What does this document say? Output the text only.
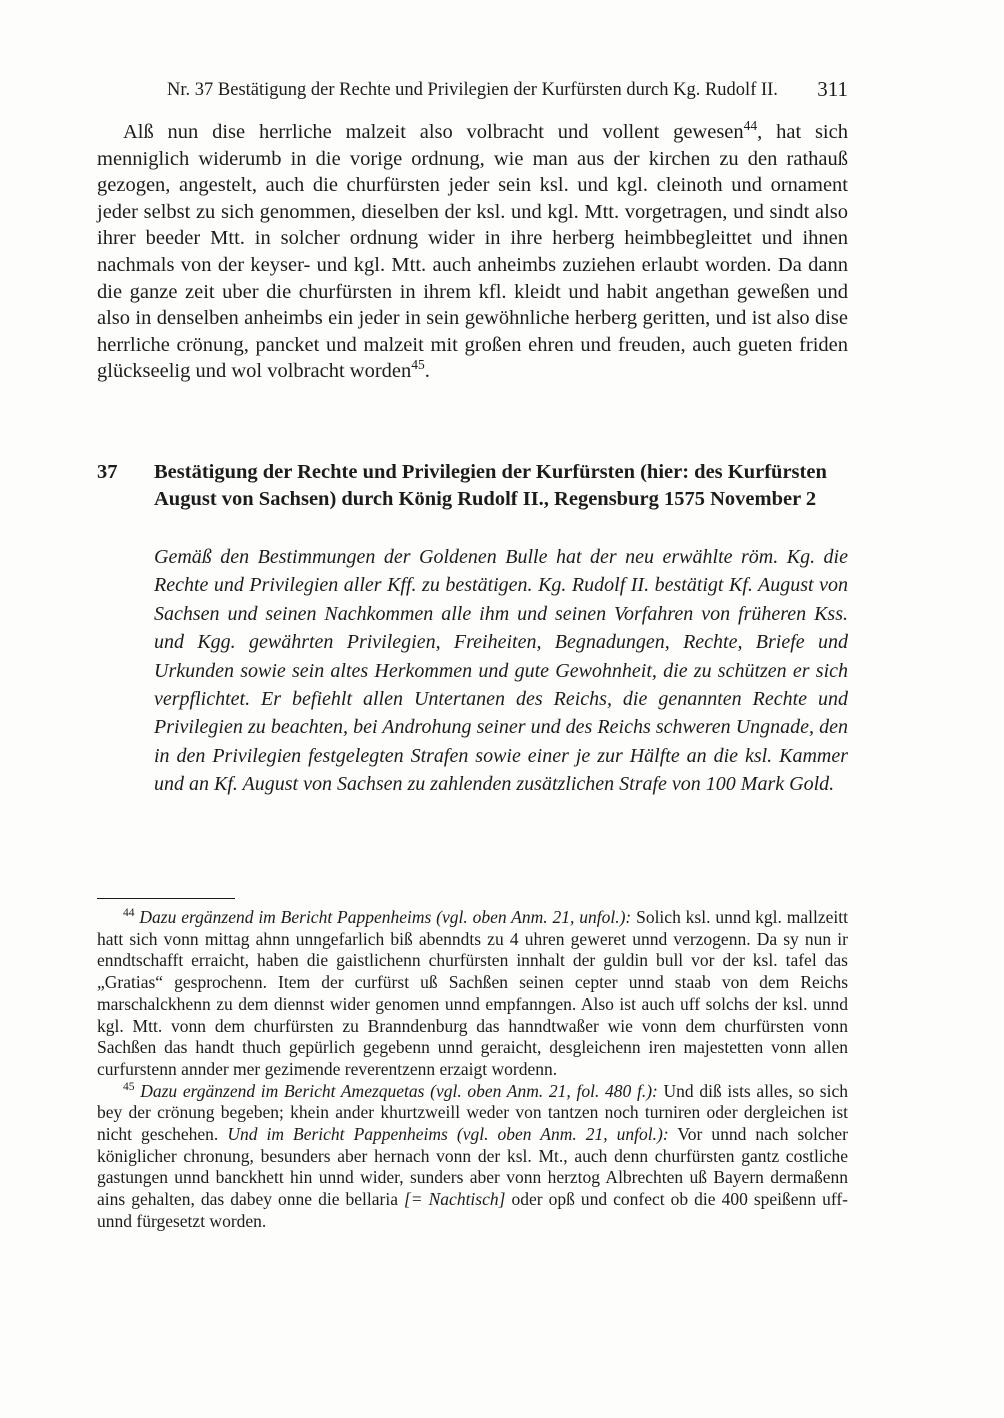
Nr. 37 Bestätigung der Rechte und Privilegien der Kurfürsten durch Kg. Rudolf II. 311

Alß nun dise herrliche malzeit also volbracht und vollent gewesen$^{44}$, hat sich menniglich widerumb in die vorige ordnung, wie man aus der kirchen zu den rathauß gezogen, angestelt, auch die churfürsten jeder sein ksl. und kgl. cleinoth und ornament jeder selbst zu sich genommen, dieselben der ksl. und kgl. Mtt. vorgetragen, und sindt also ihrer beeder Mtt. in solcher ordnung wider in ihre herberg heimbbegleittet und ihnen nachmals von der keyser- und kgl. Mtt. auch anheimbs zuziehen erlaubt worden. Da dann die ganze zeit uber die churfürsten in ihrem kfl. kleidt und habit angethan geweßen und also in denselben anheimbs ein jeder in sein gewöhnliche herberg geritten, und ist also dise herrliche crönung, pancket und malzeit mit großen ehren und freuden, auch gueten friden glückseelig und wol volbracht worden$^{45}$.

37	Bestätigung der Rechte und Privilegien der Kurfürsten (hier: des Kurfürsten August von Sachsen) durch König Rudolf II., Regensburg 1575 November 2

Gemäß den Bestimmungen der Goldenen Bulle hat der neu erwählte röm. Kg. die Rechte und Privilegien aller Kff. zu bestätigen. Kg. Rudolf II. bestätigt Kf. August von Sachsen und seinen Nachkommen alle ihm und seinen Vorfahren von früheren Kss. und Kgg. gewährten Privilegien, Freiheiten, Begnadungen, Rechte, Briefe und Urkunden sowie sein altes Herkommen und gute Gewohnheit, die zu schützen er sich verpflichtet. Er befiehlt allen Untertanen des Reichs, die genannten Rechte und Privilegien zu beachten, bei Androhung seiner und des Reichs schweren Ungnade, den in den Privilegien festgelegten Strafen sowie einer je zur Hälfte an die ksl. Kammer und an Kf. August von Sachsen zu zahlenden zusätzlichen Strafe von 100 Mark Gold.

$^{44}$ Dazu ergänzend im Bericht Pappenheims (vgl. oben Anm. 21, unfol.): Solich ksl. unnd kgl. mallzeitt hatt sich vonn mittag ahnn unngefarlich biß abenndts zu 4 uhren geweret unnd verzogenn. Da sy nun ir enndtschafft erraicht, haben die gaistlichenn churfürsten innhalt der guldin bull vor der ksl. tafel das „Gratias“ gesprochenn. Item der curfürst uß Sachßen seinen cepter unnd staab von dem Reichs marschalckhenn zu dem diennst wider genomen unnd empfanngen. Also ist auch uff solchs der ksl. unnd kgl. Mtt. vonn dem churfürsten zu Branndenburg das hanndtwaßer wie vonn dem churfürsten vonn Sachßen das handt thuch gepürlich gegebenn unnd geraicht, desgleichenn iren majestetten vonn allen curfurstenn annder mer gezimende reverentzenn erzaigt wordenn.

$^{45}$ Dazu ergänzend im Bericht Amezquetas (vgl. oben Anm. 21, fol. 480 f.): Und diß ists alles, so sich bey der crönung begeben; khein ander khurtzweill weder von tantzen noch turniren oder dergleichen ist nicht geschehen. Und im Bericht Pappenheims (vgl. oben Anm. 21, unfol.): Vor unnd nach solcher königlicher chronung, besunders aber hernach vonn der ksl. Mt., auch denn churfürsten gantz costliche gastungen unnd banckhett hin unnd wider, sunders aber vonn herztog Albrechten uß Bayern dermaßenn ains gehalten, das dabey onne die bellaria [= Nachtisch] oder opß und confect ob die 400 speißenn uff- unnd fürgesetzt worden.
